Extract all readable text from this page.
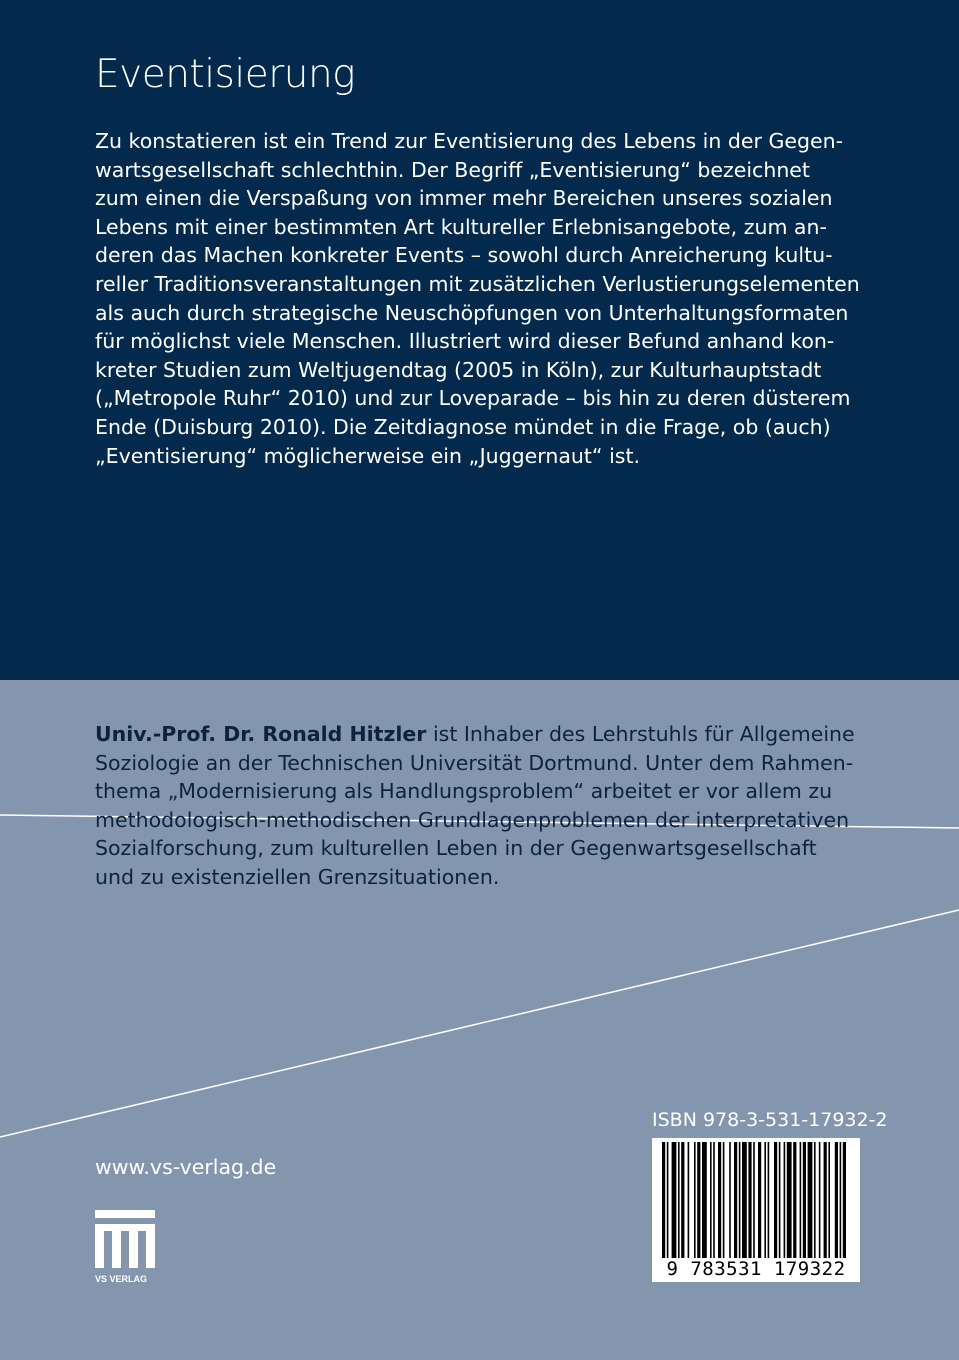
Eventisierung

Zu konstatieren ist ein Trend zur Eventisierung des Lebens in der Gegen-
wartsgesellschaft schlechthin. Der Begriff „Eventisierung“ bezeichnet
zum einen die Verspaßung von immer mehr Bereichen unseres sozialen
Lebens mit einer bestimmten Art kultureller Erlebnisangebote, zum an-
deren das Machen konkreter Events – sowohl durch Anreicherung kultu-
reller Traditionsveranstaltungen mit zusätzlichen Verlustierungselementen
als auch durch strategische Neuschöpfungen von Unterhaltungsformaten
für möglichst viele Menschen. Illustriert wird dieser Befund anhand kon-
kreter Studien zum Weltjugendtag (2005 in Köln), zur Kulturhauptstadt
(„Metropole Ruhr“ 2010) und zur Loveparade – bis hin zu deren düsterem
Ende (Duisburg 2010). Die Zeitdiagnose mündet in die Frage, ob (auch)
„Eventisierung“ möglicherweise ein „Juggernaut“ ist.

Univ.-Prof. Dr. Ronald Hitzler ist Inhaber des Lehrstuhls für Allgemeine
Soziologie an der Technischen Universität Dortmund. Unter dem Rahmen-
thema „Modernisierung als Handlungsproblem“ arbeitet er vor allem zu
methodologisch-methodischen Grundlagenproblemen der interpretativen
Sozialforschung, zum kulturellen Leben in der Gegenwartsgesellschaft
und zu existenziellen Grenzsituationen.

www.vs-verlag.de
VS VERLAG
ISBN 978-3-531-17932-2
9 783531 179322
